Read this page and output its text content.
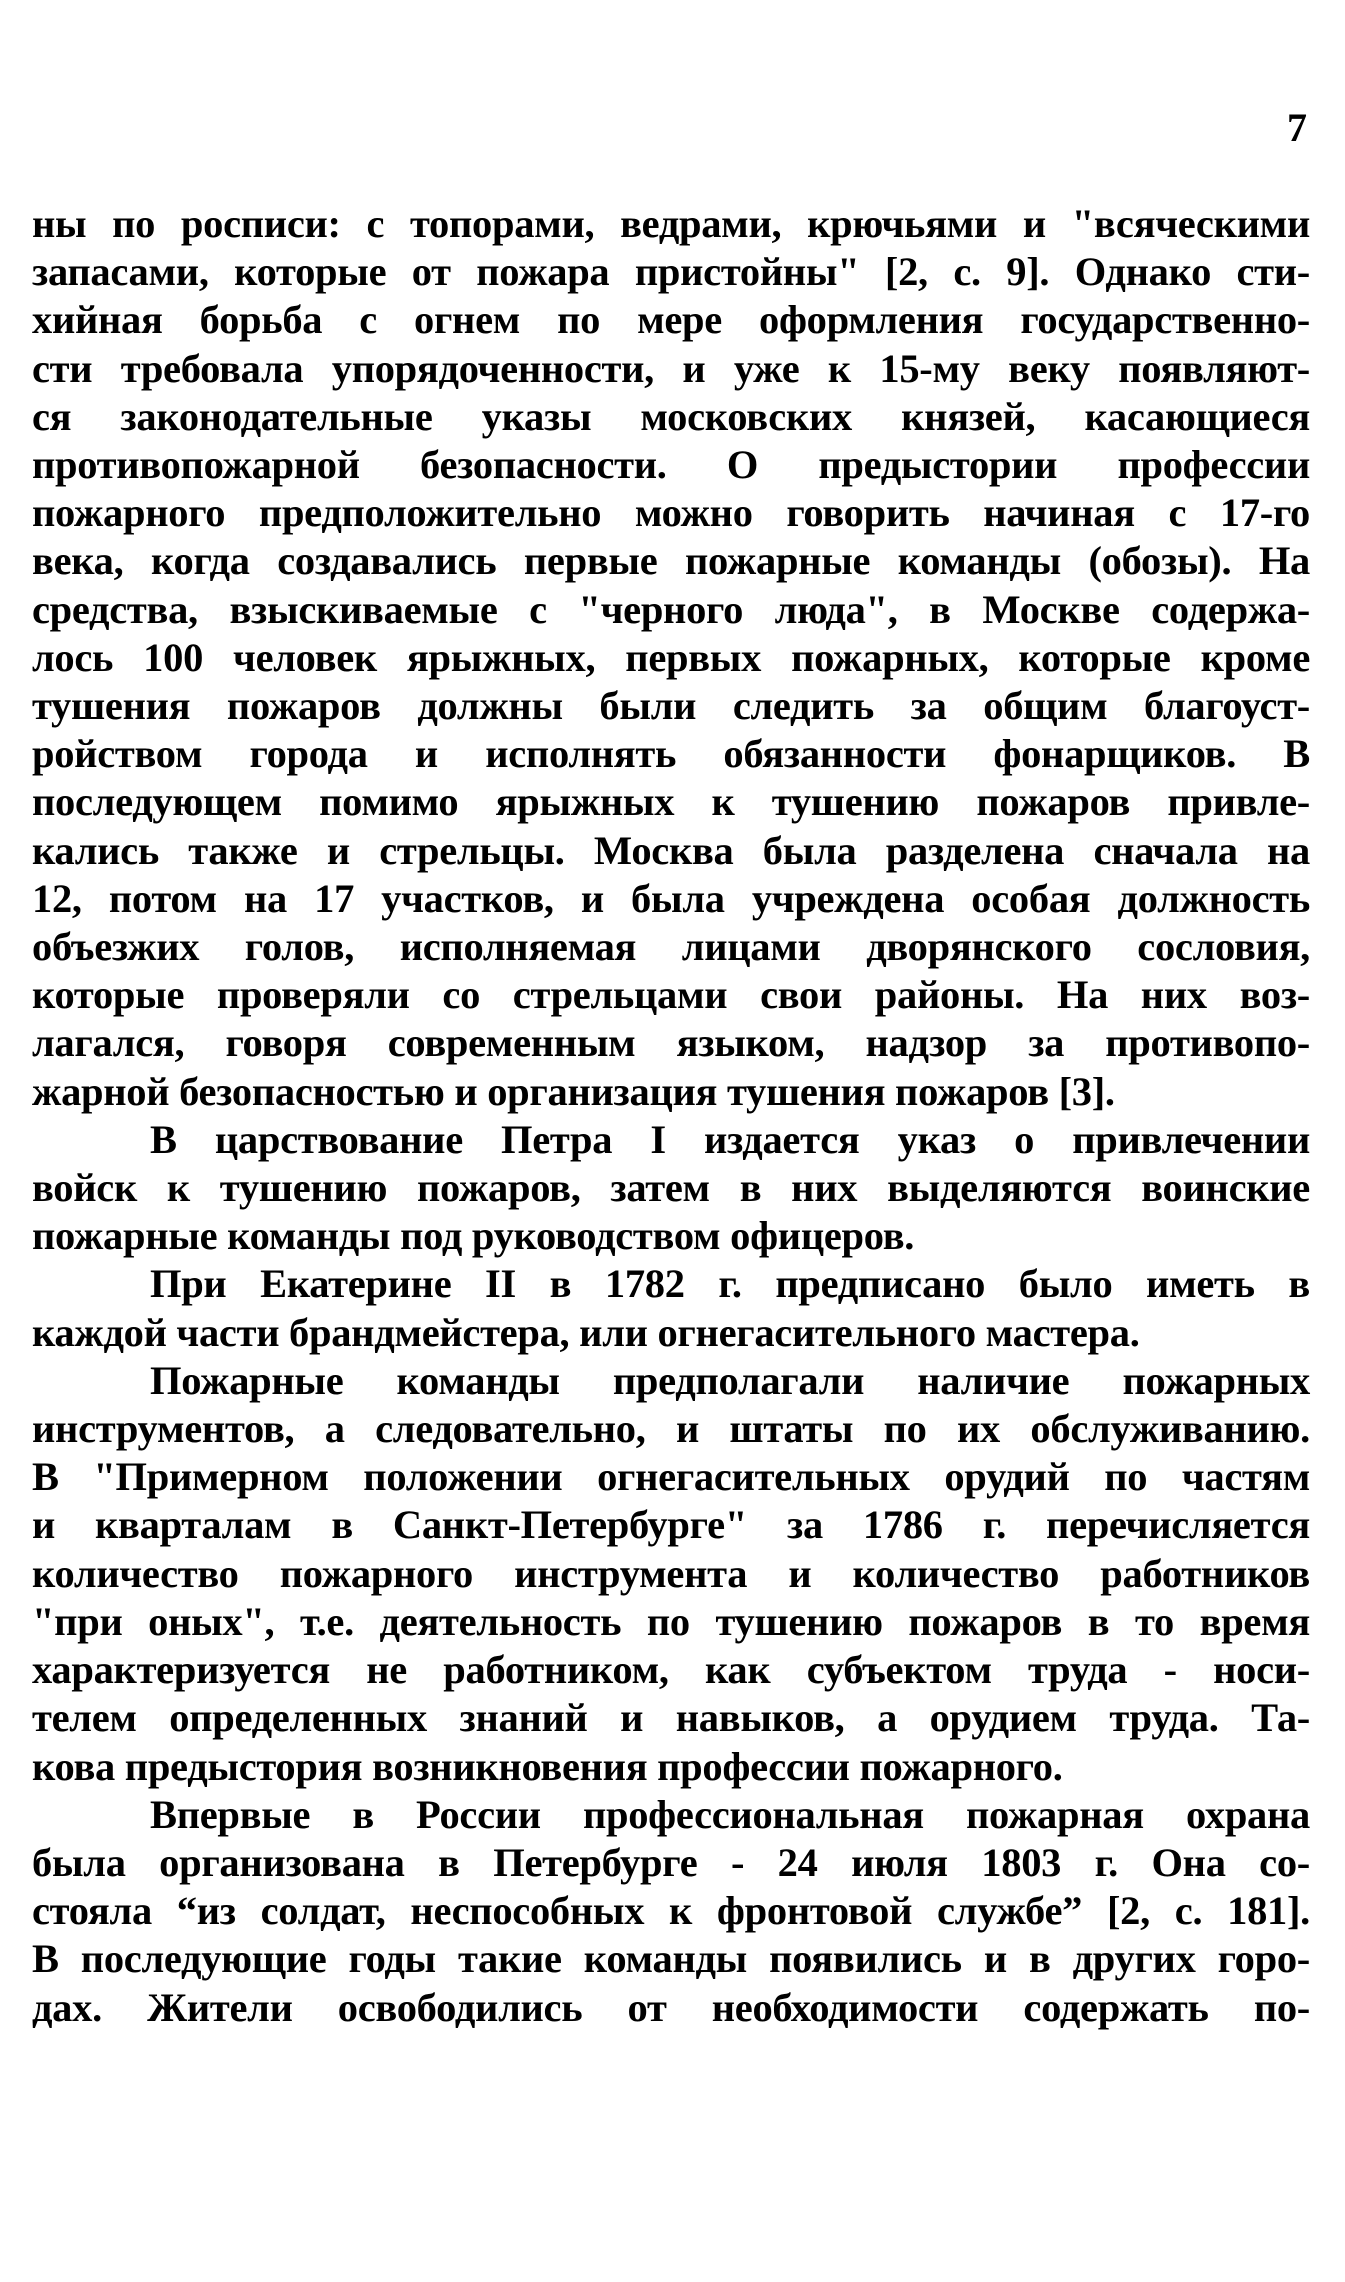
7
ны по росписи: с топорами, ведрами, крючьями и "всяческими
запасами, которые от пожара пристойны" [2, с. 9]. Однако сти-
хийная борьба с огнем по мере оформления государственно-
сти требовала упорядоченности, и уже к 15-му веку появляют-
ся законодательные указы московских князей, касающиеся
противопожарной безопасности. О предыстории профессии
пожарного предположительно можно говорить начиная с 17-го
века, когда создавались первые пожарные команды (обозы). На
средства, взыскиваемые с "черного люда", в Москве содержа-
лось 100 человек ярыжных, первых пожарных, которые кроме
тушения пожаров должны были следить за общим благоуст-
ройством города и исполнять обязанности фонарщиков. В
последующем помимо ярыжных к тушению пожаров привле-
кались также и стрельцы. Москва была разделена сначала на
12, потом на 17 участков, и была учреждена особая должность
объезжих голов, исполняемая лицами дворянского сословия,
которые проверяли со стрельцами свои районы. На них воз-
лагался, говоря современным языком, надзор за противопо-
жарной безопасностью и организация тушения пожаров [3].
В царствование Петра I издается указ о привлечении
войск к тушению пожаров, затем в них выделяются воинские
пожарные команды под руководством офицеров.
При Екатерине II в 1782 г. предписано было иметь в
каждой части брандмейстера, или огнегасительного мастера.
Пожарные команды предполагали наличие пожарных
инструментов, а следовательно, и штаты по их обслуживанию.
В "Примерном положении огнегасительных орудий по частям
и кварталам в Санкт-Петербурге" за 1786 г. перечисляется
количество пожарного инструмента и количество работников
"при оных", т.е. деятельность по тушению пожаров в то время
характеризуется не работником, как субъектом труда - носи-
телем определенных знаний и навыков, а орудием труда. Та-
кова предыстория возникновения профессии пожарного.
Впервые в России профессиональная пожарная охрана
была организована в Петербурге - 24 июля 1803 г. Она со-
стояла “из солдат, неспособных к фронтовой службе” [2, с. 181].
В последующие годы такие команды появились и в других горо-
дах. Жители освободились от необходимости содержать по-
